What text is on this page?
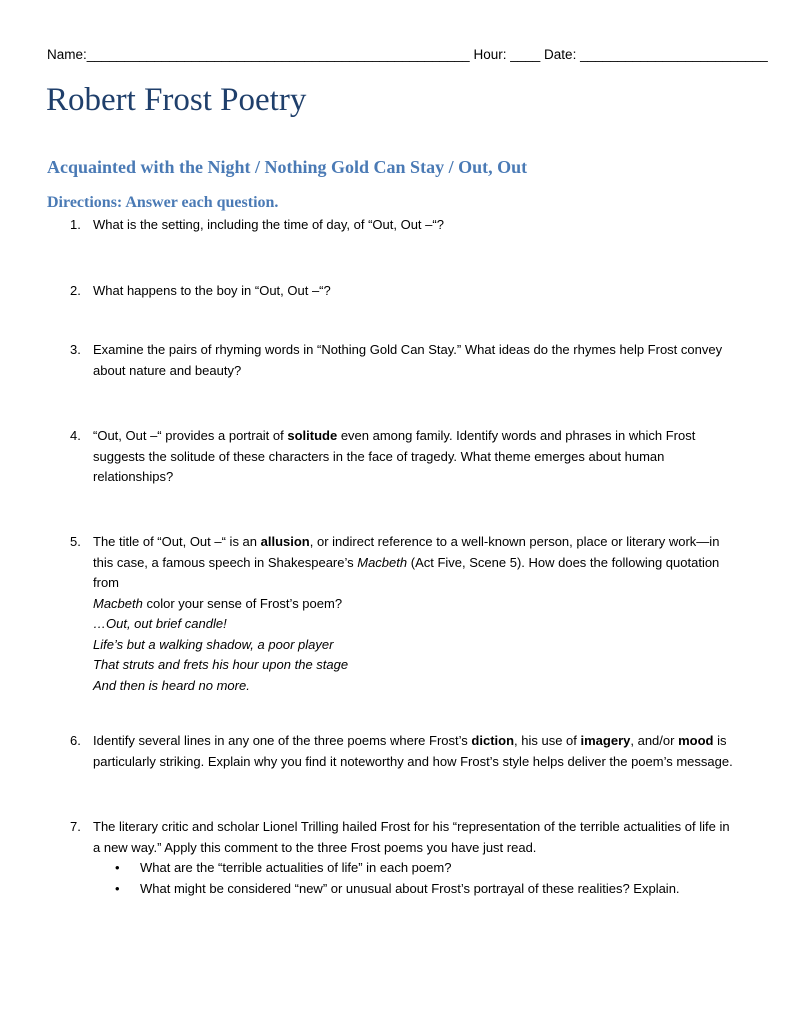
Name:___________________________________________________ Hour: ____ Date: _________________________
Robert Frost Poetry
Acquainted with the Night / Nothing Gold Can Stay / Out, Out
Directions: Answer each question.
1. What is the setting, including the time of day, of “Out, Out –“?

2. What happens to the boy in “Out, Out –“?

3. Examine the pairs of rhyming words in “Nothing Gold Can Stay.” What ideas do the rhymes help Frost convey

about nature and beauty?

4. “Out, Out –“ provides a portrait of solitude even among family. Identify words and phrases in which Frost

suggests the solitude of these characters in the face of tragedy. What theme emerges about human

relationships?

5. The title of “Out, Out –“ is an allusion, or indirect reference to a well-known person, place or literary work—in

this case, a famous speech in Shakespeare’s Macbeth (Act Five, Scene 5). How does the following quotation from

Macbeth color your sense of Frost’s poem?

…Out, out brief candle!

Life’s but a walking shadow, a poor player

That struts and frets his hour upon the stage

And then is heard no more.

6. Identify several lines in any one of the three poems where Frost’s diction, his use of imagery, and/or mood is

particularly striking. Explain why you find it noteworthy and how Frost’s style helps deliver the poem’s message.

7. The literary critic and scholar Lionel Trilling hailed Frost for his “representation of the terrible actualities of life in

a new way.” Apply this comment to the three Frost poems you have just read.

• What are the “terrible actualities of life” in each poem?
• What might be considered “new” or unusual about Frost’s portrayal of these realities? Explain.
